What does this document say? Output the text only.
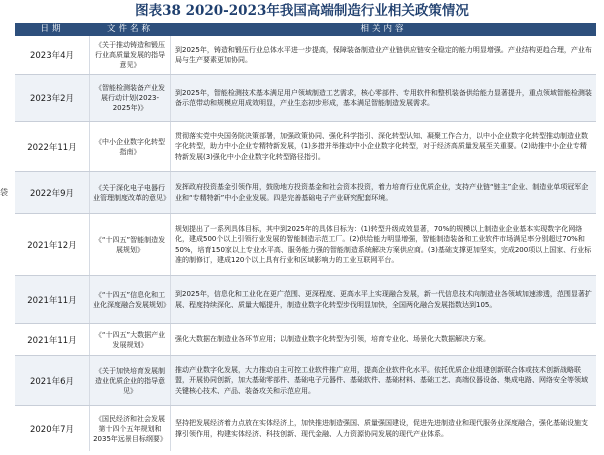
图表38 2020-2023年我国高端制造行业相关政策情况
袋
日期	文件名称	相关内容
2023年4月
《关于推动铸造和锻压行业高质量发展的指导意见》
到2025年，铸造和锻压行业总体水平进一步提高，保障装备制造业产业链供应链安全稳定的能力明显增强。产业结构更趋合理，产业布局与生产要素更加协同。
2023年2月
《智能检测装备产业发展行动计划(2023-2025年)》
到2025年，智能检测技术基本满足用户领域制造工艺需求，核心零部件、专用软件和整机装备供给能力显著提升，重点领域智能检测装备示范带动和规模应用成效明显，产业生态初步形成，基本满足智能制造发展需求。
2022年11月
《中小企业数字化转型指南》
贯彻落实党中央国务院决策部署，加强政策协同、强化科学指引、深化转型认知、凝聚工作合力，以中小企业数字化转型推动制造业数字化转型，助力中小企业专精特新发展，(1)多措并举推动中小企业数字化转型，对于经济高质量发展至关重要。(2)助推中小企业专精特新发展(3)强化中小企业数字化转型路径指引。
2022年9月
《关于深化电子电器行业管理制度改革的意见》
发挥政府投资基金引领作用，鼓励地方投资基金和社会资本投资，着力培育行业优质企业，支持产业链“链主”企业、制造业单项冠军企业和“专精特新”中小企业发展。四是完善基础电子产业研究配套环境。
2021年12月
《“十四五”智能制造发展规划》
规划提出了一系列具体目标，其中到2025年的具体目标为：(1)转型升级成效显著，70%的规模以上制造业企业基本实现数字化网络化，建成500个以上引领行业发展的智能制造示范工厂。(2)供给能力明显增强，智能制造装备和工业软件市场满足率分别超过70%和50%，培育150家以上专业水平高、服务能力强的智能制造系统解决方案供应商。(3)基础支撑更加坚实，完成200项以上国家、行业标准的制修订，建成120个以上具有行业和区域影响力的工业互联网平台。
2021年11月
《“十四五”信息化和工业化深度融合发展规划》
到2025年，信息化和工业化在更广范围、更深程度、更高水平上实现融合发展，新一代信息技术向制造业各领域加速渗透，范围显著扩展、程度持续深化、质量大幅提升，制造业数字化转型步伐明显加快，全国两化融合发展指数达到105。
2021年11月
《“十四五”大数据产业发展规划》
强化大数据在制造业各环节应用；以制造业数字化转型为引领，培育专业化、场景化大数据解决方案。
2021年6月
《关于加快培育发展制造业优质企业的指导意见》
推动产业数字化发展，大力推动自主可控工业软件推广应用，提高企业软件化水平。依托优质企业组建创新联合体或技术创新战略联盟，开展协同创新，加大基础零部件、基础电子元器件、基础软件、基础材料、基础工艺、高端仪器设备、集成电路、网络安全等领域关键核心技术、产品、装备攻关和示范应用。
2020年7月
《国民经济和社会发展第十四个五年规划和2035年远景目标纲要》
坚持把发展经济着力点放在实体经济上，加快推进制造强国、质量强国建设，促进先进制造业和现代服务业深度融合，强化基础设施支撑引领作用，构建实体经济、科技创新、现代金融、人力资源协同发展的现代产业体系。
